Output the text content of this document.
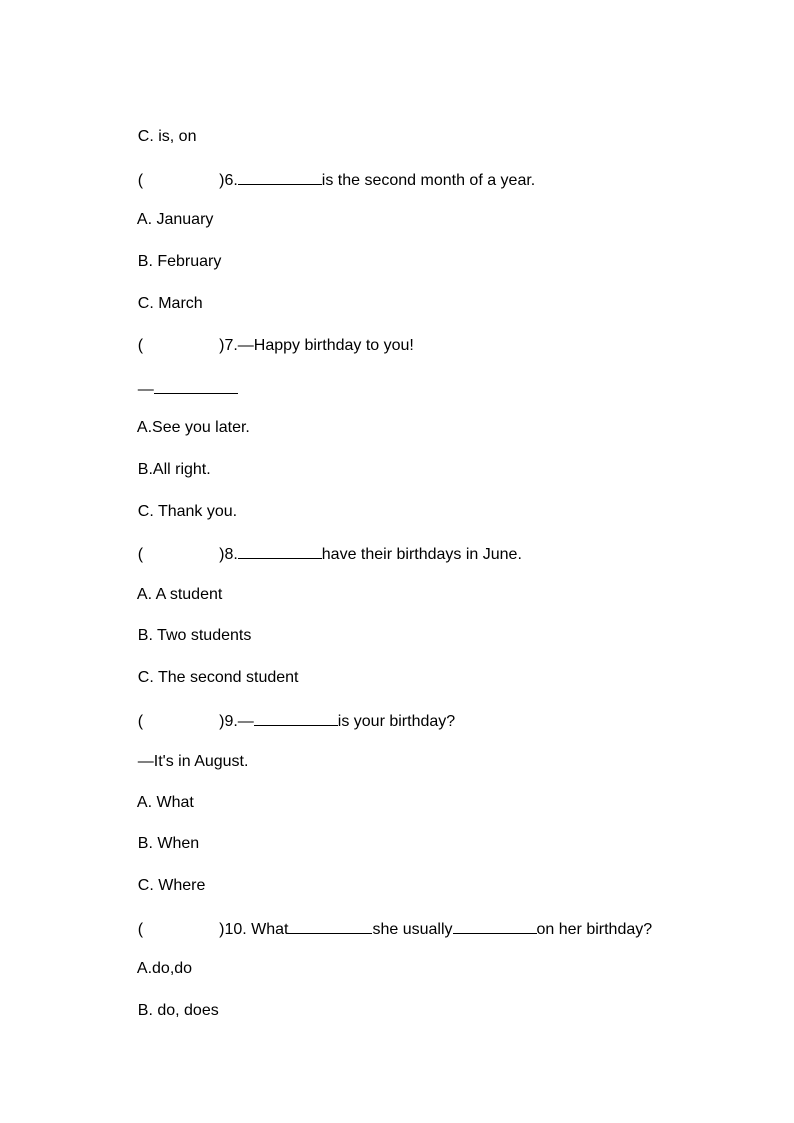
C. is, on

(	)6.	is the second month of a year.

A. January

B. February

C. March

(	)7.—Happy birthday to you!

—

A.See you later.

B.All right.

C. Thank you.

(	)8.	have their birthdays in June.

A. A student

B. Two students

C. The second student

(	)9.—	is your birthday?

—It's in August.

A. What

B. When

C. Where

(	)10. What	she usually	on her birthday?

A.do,do

B. do, does
